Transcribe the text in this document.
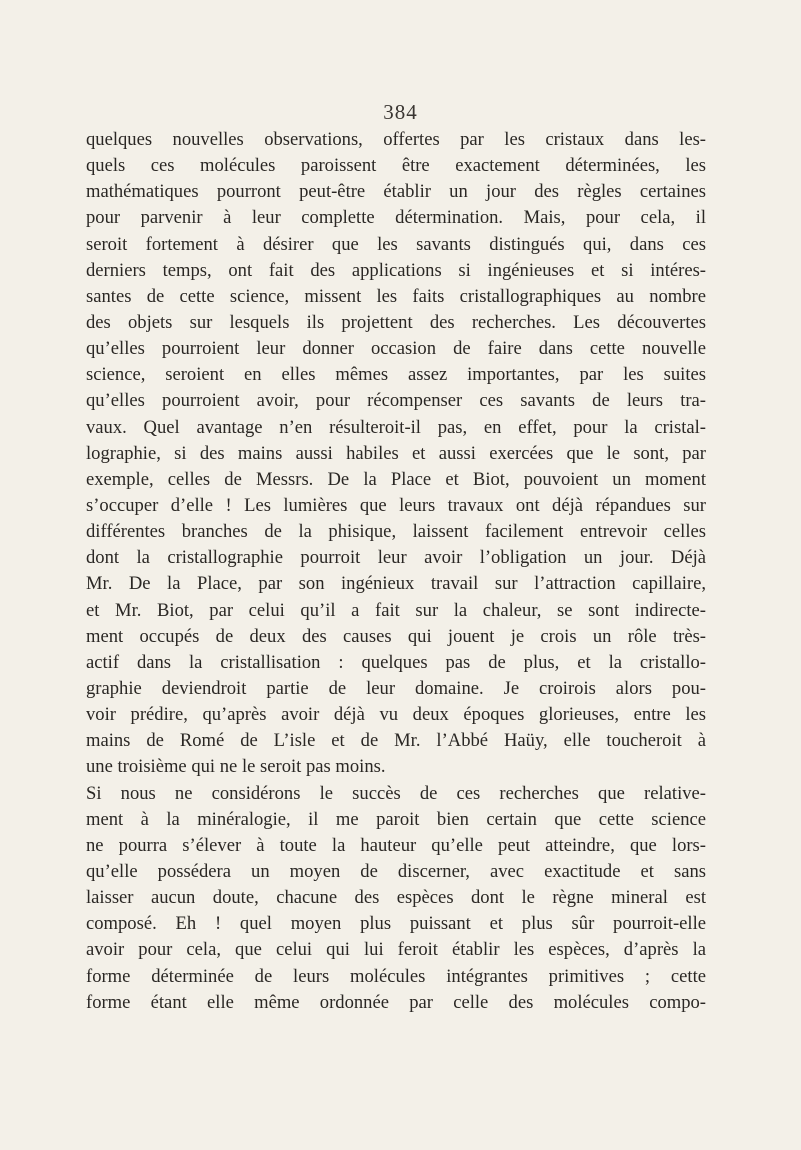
384
quelques nouvelles observations, offertes par les cristaux dans les-
quels ces molécules paroissent être exactement déterminées, les
mathématiques pourront peut-être établir un jour des règles certaines
pour parvenir à leur complette détermination. Mais, pour cela, il
seroit fortement à désirer que les savants distingués qui, dans ces
derniers temps, ont fait des applications si ingénieuses et si intéres-
santes de cette science, missent les faits cristallographiques au nombre
des objets sur lesquels ils projettent des recherches. Les découvertes
qu’elles pourroient leur donner occasion de faire dans cette nouvelle
science, seroient en elles mêmes assez importantes, par les suites
qu’elles pourroient avoir, pour récompenser ces savants de leurs tra-
vaux. Quel avantage n’en résulteroit-il pas, en effet, pour la cristal-
lographie, si des mains aussi habiles et aussi exercées que le sont, par
exemple, celles de Messrs. De la Place et Biot, pouvoient un moment
s’occuper d’elle ! Les lumières que leurs travaux ont déjà répandues sur
différentes branches de la phisique, laissent facilement entrevoir celles
dont la cristallographie pourroit leur avoir l’obligation un jour. Déjà
Mr. De la Place, par son ingénieux travail sur l’attraction capillaire,
et Mr. Biot, par celui qu’il a fait sur la chaleur, se sont indirecte-
ment occupés de deux des causes qui jouent je crois un rôle très-
actif dans la cristallisation : quelques pas de plus, et la cristallo-
graphie deviendroit partie de leur domaine. Je croirois alors pou-
voir prédire, qu’après avoir déjà vu deux époques glorieuses, entre les
mains de Romé de L’isle et de Mr. l’Abbé Haüy, elle toucheroit à
une troisième qui ne le seroit pas moins.
Si nous ne considérons le succès de ces recherches que relative-
ment à la minéralogie, il me paroit bien certain que cette science
ne pourra s’élever à toute la hauteur qu’elle peut atteindre, que lors-
qu’elle possédera un moyen de discerner, avec exactitude et sans
laisser aucun doute, chacune des espèces dont le règne mineral est
composé. Eh ! quel moyen plus puissant et plus sûr pourroit-elle
avoir pour cela, que celui qui lui feroit établir les espèces, d’après la
forme déterminée de leurs molécules intégrantes primitives ; cette
forme étant elle même ordonnée par celle des molécules compo-
